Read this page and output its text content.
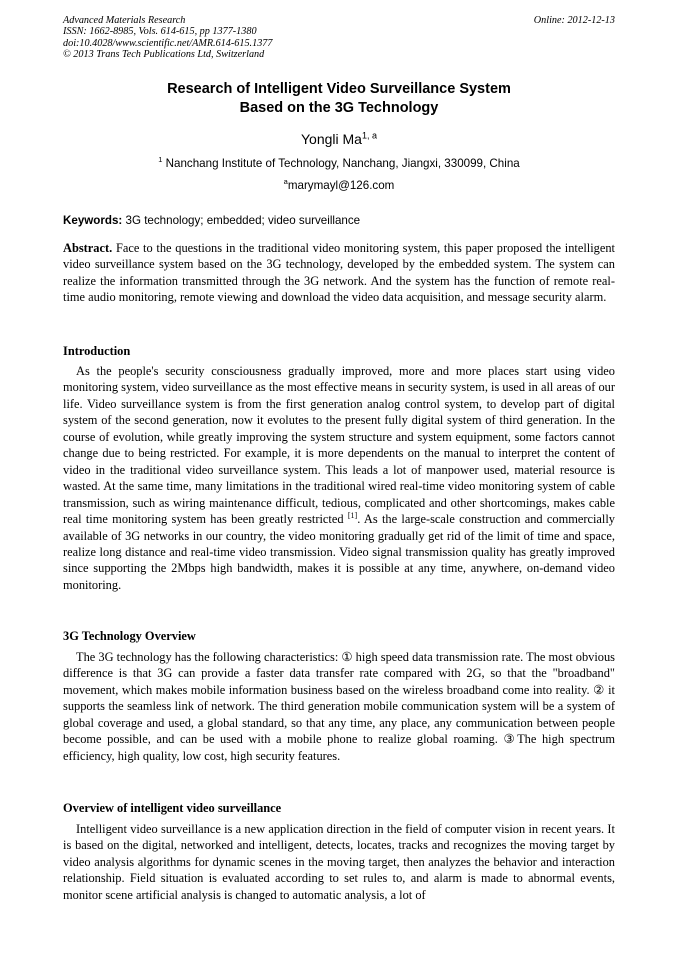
Advanced Materials Research
ISSN: 1662-8985, Vols. 614-615, pp 1377-1380
doi:10.4028/www.scientific.net/AMR.614-615.1377
© 2013 Trans Tech Publications Ltd, Switzerland
Online: 2012-12-13
Research of Intelligent Video Surveillance System
Based on the 3G Technology
Yongli Ma$^{1, a}$
$^1$ Nanchang Institute of Technology, Nanchang, Jiangxi, 330099, China
$^a$marymayl@126.com
Keywords: 3G technology; embedded; video surveillance
Abstract. Face to the questions in the traditional video monitoring system, this paper proposed the intelligent video surveillance system based on the 3G technology, developed by the embedded system. The system can realize the information transmitted through the 3G network. And the system has the function of remote real-time audio monitoring, remote viewing and download the video data acquisition, and message security alarm.
Introduction
As the people's security consciousness gradually improved, more and more places start using video monitoring system, video surveillance as the most effective means in security system, is used in all areas of our life. Video surveillance system is from the first generation analog control system, to develop part of digital system of the second generation, now it evolutes to the present fully digital system of third generation. In the course of evolution, while greatly improving the system structure and system equipment, some factors cannot change due to being restricted. For example, it is more dependents on the manual to interpret the content of video in the traditional video surveillance system. This leads a lot of manpower used, material resource is wasted. At the same time, many limitations in the traditional wired real-time video monitoring system of cable transmission, such as wiring maintenance difficult, tedious, complicated and other shortcomings, makes cable real time monitoring system has been greatly restricted [1]. As the large-scale construction and commercially available of 3G networks in our country, the video monitoring gradually get rid of the limit of time and space, realize long distance and real-time video transmission. Video signal transmission quality has greatly improved since supporting the 2Mbps high bandwidth, makes it is possible at any time, anywhere, on-demand video monitoring.
3G Technology Overview
The 3G technology has the following characteristics: ① high speed data transmission rate. The most obvious difference is that 3G can provide a faster data transfer rate compared with 2G, so that the "broadband" movement, which makes mobile information business based on the wireless broadband come into reality. ② it supports the seamless link of network. The third generation mobile communication system will be a system of global coverage and used, a global standard, so that any time, any place, any communication between people become possible, and can be used with a mobile phone to realize global roaming. ③The high spectrum efficiency, high quality, low cost, high security features.
Overview of intelligent video surveillance
Intelligent video surveillance is a new application direction in the field of computer vision in recent years. It is based on the digital, networked and intelligent, detects, locates, tracks and recognizes the moving target by video analysis algorithms for dynamic scenes in the moving target, then analyzes the behavior and interaction relationship. Field situation is evaluated according to set rules to, and alarm is made to abnormal events, monitor scene artificial analysis is changed to automatic analysis, a lot of
